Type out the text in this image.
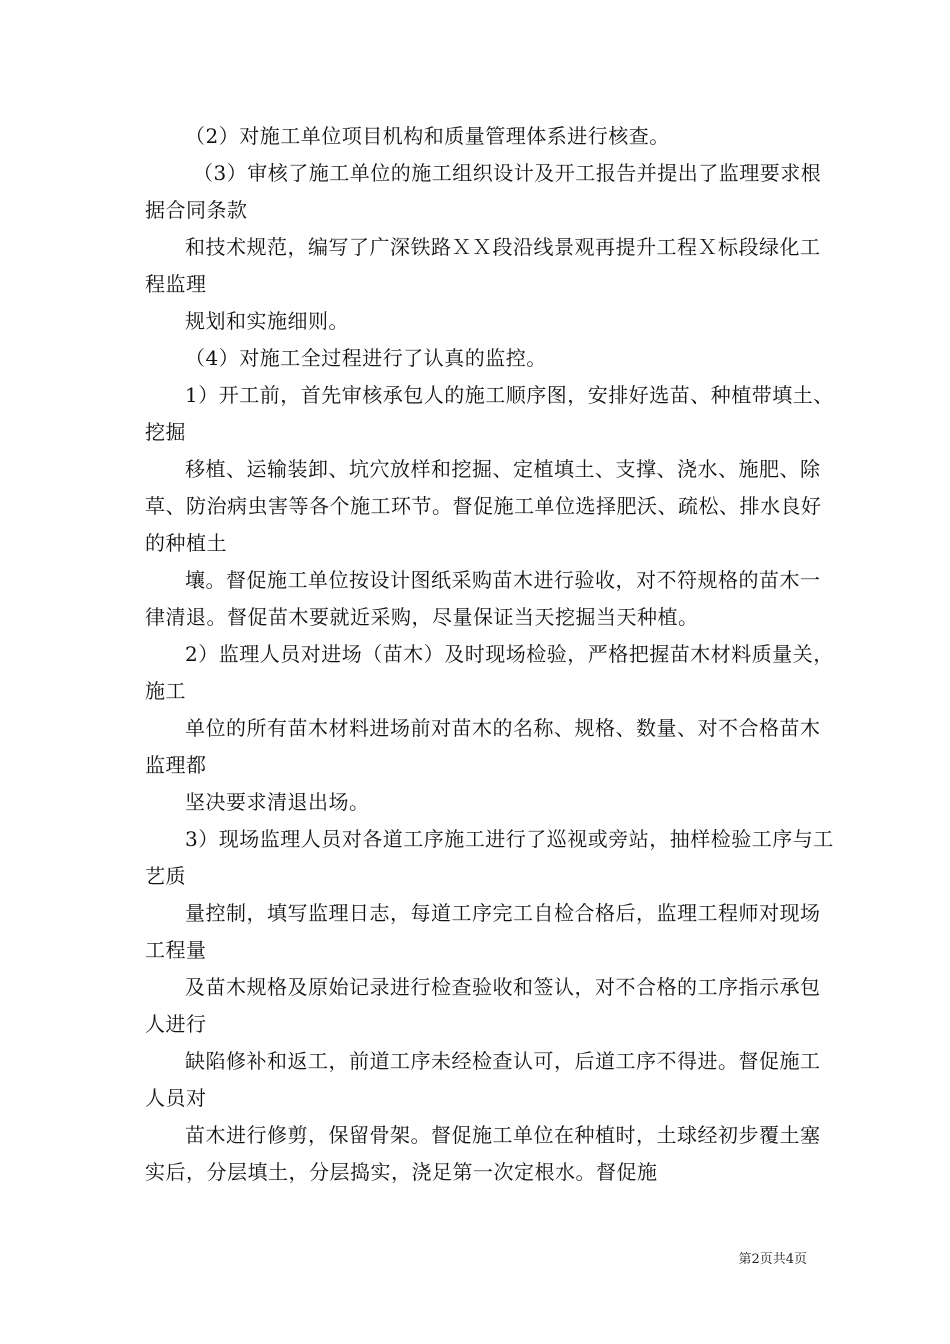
（2）对施工单位项目机构和质量管理体系进行核查。

（3）审核了施工单位的施工组织设计及开工报告并提出了监理要求根据合同条款

和技术规范，编写了广深铁路ＸＸ段沿线景观再提升工程Ｘ标段绿化工程监理

规划和实施细则。

（4）对施工全过程进行了认真的监控。

1）开工前，首先审核承包人的施工顺序图，安排好选苗、种植带填土、挖掘

移植、运输装卸、坑穴放样和挖掘、定植填土、支撑、浇水、施肥、除草、防治病虫害等各个施工环节。督促施工单位选择肥沃、疏松、排水良好的种植土

壤。督促施工单位按设计图纸采购苗木进行验收，对不符规格的苗木一律清退。督促苗木要就近采购，尽量保证当天挖掘当天种植。

2）监理人员对进场（苗木）及时现场检验，严格把握苗木材料质量关，施工

单位的所有苗木材料进场前对苗木的名称、规格、数量、对不合格苗木监理都

坚决要求清退出场。

3）现场监理人员对各道工序施工进行了巡视或旁站，抽样检验工序与工艺质

量控制，填写监理日志，每道工序完工自检合格后，监理工程师对现场工程量

及苗木规格及原始记录进行检查验收和签认，对不合格的工序指示承包人进行

缺陷修补和返工，前道工序未经检查认可，后道工序不得进。督促施工人员对

苗木进行修剪，保留骨架。督促施工单位在种植时，土球经初步覆土塞实后，分层填土，分层捣实，浇足第一次定根水。督促施

第2页共4页
